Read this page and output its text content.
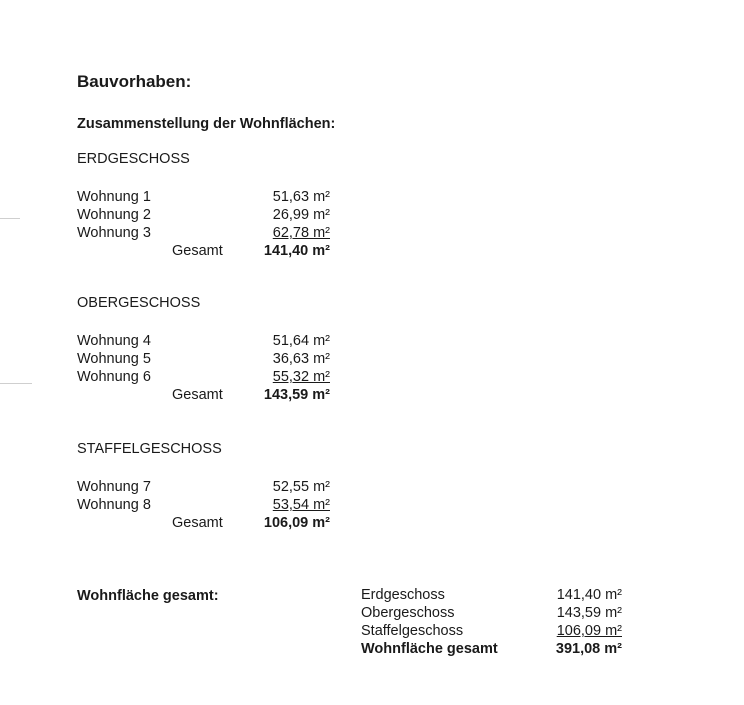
Bauvorhaben:
Zusammenstellung der Wohnflächen:
ERDGESCHOSS
Wohnung 1	51,63 m²
Wohnung 2	26,99 m²
Wohnung 3	62,78 m²
Gesamt	141,40 m²
OBERGESCHOSS
Wohnung 4	51,64 m²
Wohnung 5	36,63 m²
Wohnung 6	55,32 m²
Gesamt	143,59 m²
STAFFELGESCHOSS
Wohnung 7	52,55 m²
Wohnung 8	53,54 m²
Gesamt	106,09 m²
Wohnfläche gesamt:	Erdgeschoss	141,40 m²
Obergeschoss	143,59 m²
Staffelgeschoss	106,09 m²
Wohnfläche gesamt	391,08 m²
